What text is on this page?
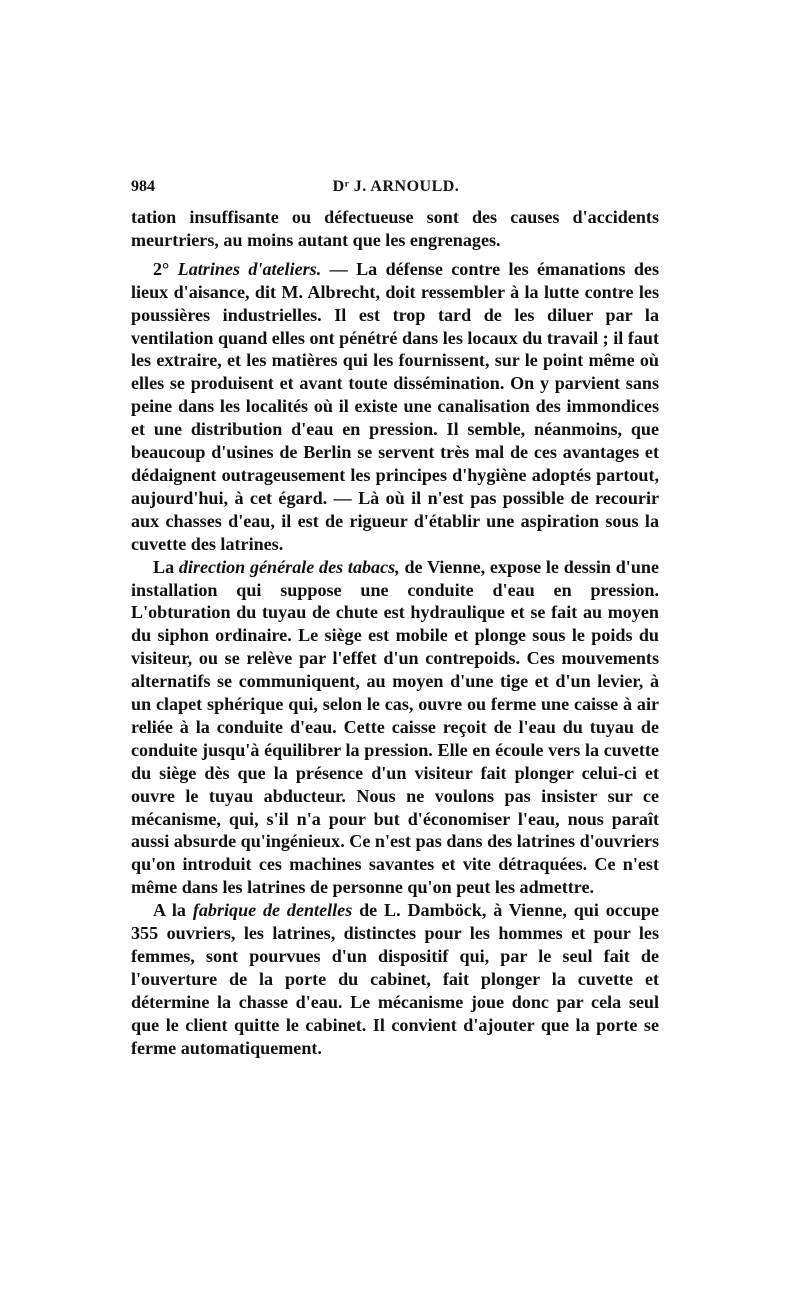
984	Dʳ J. ARNOULD.

tation insuffisante ou défectueuse sont des causes d'accidents meurtriers, au moins autant que les engrenages.

2° Latrines d'ateliers. — La défense contre les émanations des lieux d'aisance, dit M. Albrecht, doit ressembler à la lutte contre les poussières industrielles. Il est trop tard de les diluer par la ventilation quand elles ont pénétré dans les locaux du travail ; il faut les extraire, et les matières qui les fournissent, sur le point même où elles se produisent et avant toute dissémination. On y parvient sans peine dans les localités où il existe une canalisation des immondices et une distribution d'eau en pression. Il semble, néanmoins, que beaucoup d'usines de Berlin se servent très mal de ces avantages et dédaignent outrageusement les principes d'hygiène adoptés partout, aujourd'hui, à cet égard. — Là où il n'est pas possible de recourir aux chasses d'eau, il est de rigueur d'établir une aspiration sous la cuvette des latrines.

La direction générale des tabacs, de Vienne, expose le dessin d'une installation qui suppose une conduite d'eau en pression. L'obturation du tuyau de chute est hydraulique et se fait au moyen du siphon ordinaire. Le siège est mobile et plonge sous le poids du visiteur, ou se relève par l'effet d'un contrepoids. Ces mouvements alternatifs se communiquent, au moyen d'une tige et d'un levier, à un clapet sphérique qui, selon le cas, ouvre ou ferme une caisse à air reliée à la conduite d'eau. Cette caisse reçoit de l'eau du tuyau de conduite jusqu'à équilibrer la pression. Elle en écoule vers la cuvette du siège dès que la présence d'un visiteur fait plonger celui-ci et ouvre le tuyau abducteur. Nous ne voulons pas insister sur ce mécanisme, qui, s'il n'a pour but d'économiser l'eau, nous paraît aussi absurde qu'ingénieux. Ce n'est pas dans des latrines d'ouvriers qu'on introduit ces machines savantes et vite détraquées. Ce n'est même dans les latrines de personne qu'on peut les admettre.

A la fabrique de dentelles de L. Damböck, à Vienne, qui occupe 355 ouvriers, les latrines, distinctes pour les hommes et pour les femmes, sont pourvues d'un dispositif qui, par le seul fait de l'ouverture de la porte du cabinet, fait plonger la cuvette et détermine la chasse d'eau. Le mécanisme joue donc par cela seul que le client quitte le cabinet. Il convient d'ajouter que la porte se ferme automatiquement.
